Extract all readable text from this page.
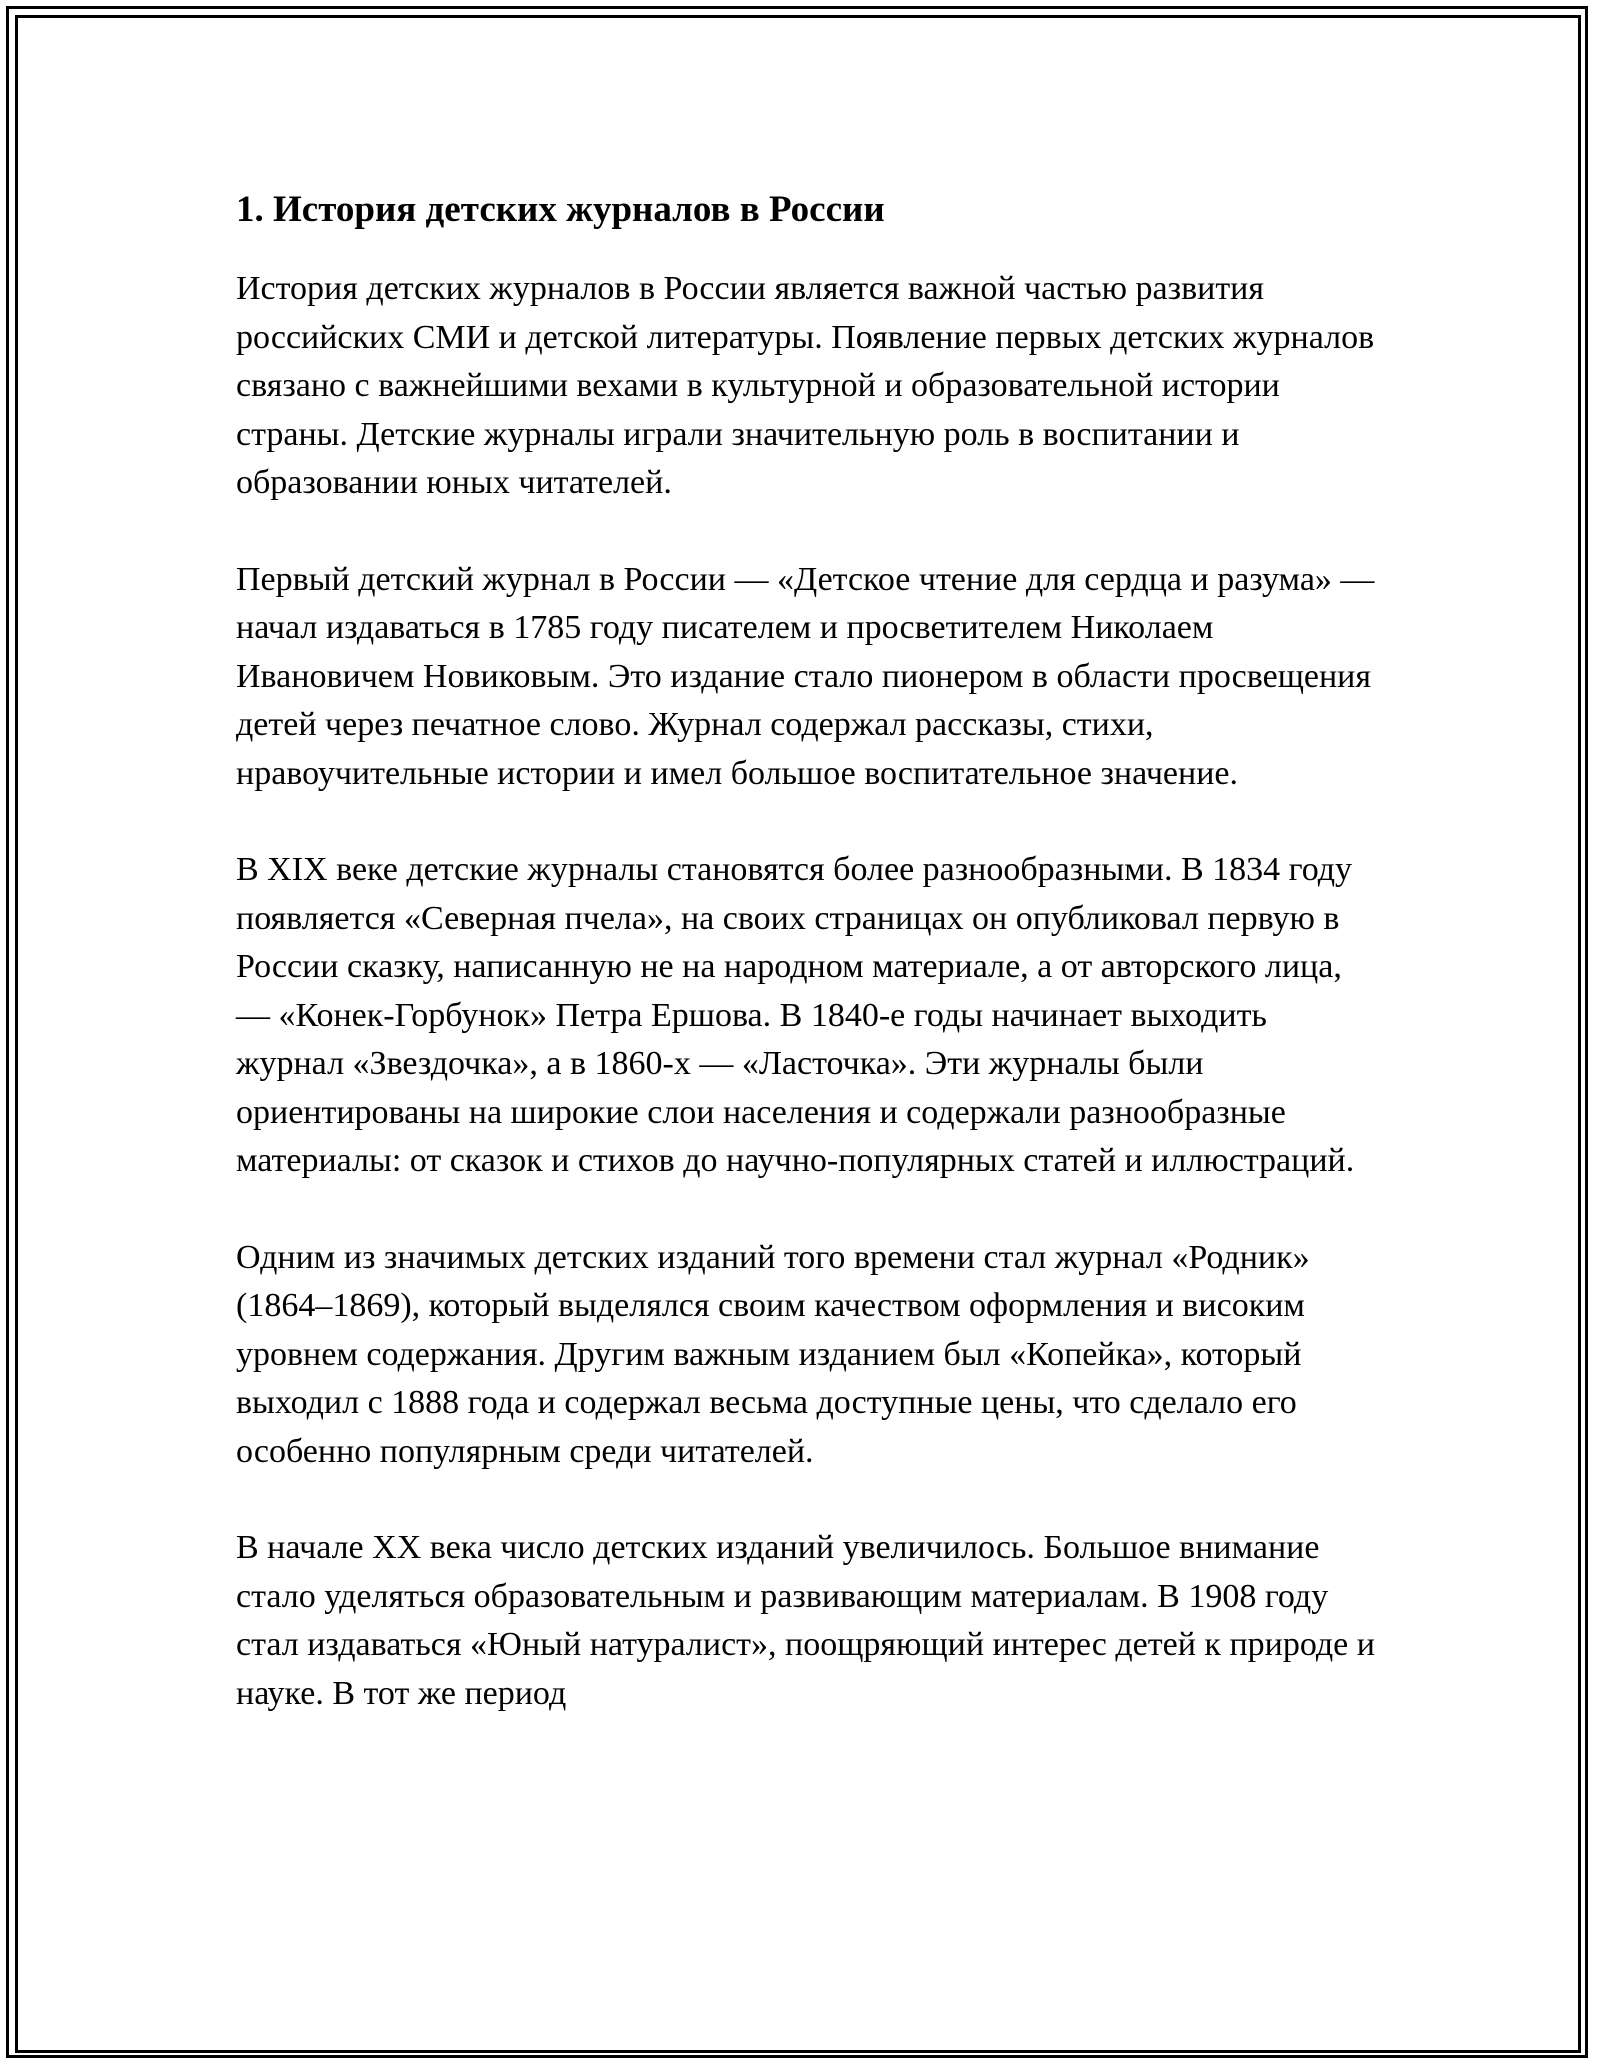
1. История детских журналов в России

История детских журналов в России является важной частью развития российских СМИ и детской литературы. Появление первых детских журналов связано с важнейшими вехами в культурной и образовательной истории страны. Детские журналы играли значительную роль в воспитании и образовании юных читателей.

Первый детский журнал в России — «Детское чтение для сердца и разума» — начал издаваться в 1785 году писателем и просветителем Николаем Ивановичем Новиковым. Это издание стало пионером в области просвещения детей через печатное слово. Журнал содержал рассказы, стихи, нравоучительные истории и имел большое воспитательное значение.

В XIX веке детские журналы становятся более разнообразными. В 1834 году появляется «Северная пчела», на своих страницах он опубликовал первую в России сказку, написанную не на народном материале, а от авторского лица, — «Конек-Горбунок» Петра Ершова. В 1840-е годы начинает выходить журнал «Звездочка», а в 1860-х — «Ласточка». Эти журналы были ориентированы на широкие слои населения и содержали разнообразные материалы: от сказок и стихов до научно-популярных статей и иллюстраций.

Одним из значимых детских изданий того времени стал журнал «Родник» (1864–1869), который выделялся своим качеством оформления и високим уровнем содержания. Другим важным изданием был «Копейка», который выходил с 1888 года и содержал весьма доступные цены, что сделало его особенно популярным среди читателей.

В начале XX века число детских изданий увеличилось. Большое внимание стало уделяться образовательным и развивающим материалам. В 1908 году стал издаваться «Юный натуралист», поощряющий интерес детей к природе и науке. В тот же период
